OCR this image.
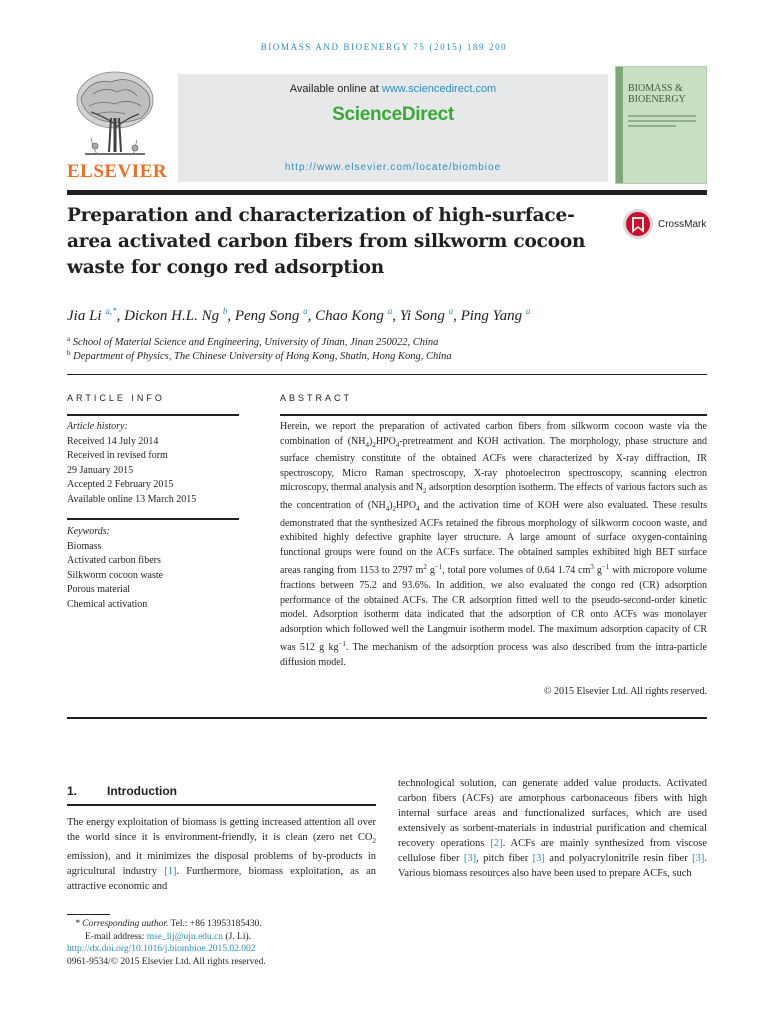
BIOMASS AND BIOENERGY 75 (2015) 189 200
ELSEVIER
Available online at www.sciencedirect.com
ScienceDirect
http://www.elsevier.com/locate/biombioe
BIOMASS &
BIOENERGY
Preparation and characterization of high-surface-area activated carbon fibers from silkworm cocoon waste for congo red adsorption
CrossMark
Jia Li $^{a,*}$, Dickon H.L. Ng $^b$, Peng Song $^a$, Chao Kong $^a$, Yi Song $^a$, Ping Yang $^a$
$^a$ School of Material Science and Engineering, University of Jinan, Jinan 250022, China
$^b$ Department of Physics, The Chinese University of Hong Kong, Shatin, Hong Kong, China
ARTICLE INFO	ABSTRACT
Article history:
Received 14 July 2014
Received in revised form
29 January 2015
Accepted 2 February 2015
Available online 13 March 2015
Keywords:
Biomass
Activated carbon fibers
Silkworm cocoon waste
Porous material
Chemical activation
Herein, we report the preparation of activated carbon fibers from silkworm cocoon waste via the combination of $(NH_4)_2HPO_4$-pretreatment and KOH activation. The morphology, phase structure and surface chemistry constitute of the obtained ACFs were characterized by X-ray diffraction, IR spectroscopy, Micro Raman spectroscopy, X-ray photoelectron spectroscopy, scanning electron microscopy, thermal analysis and $N_2$ adsorption desorption isotherm. The effects of various factors such as the concentration of $(NH_4)_2HPO_4$ and the activation time of KOH were also evaluated. These results demonstrated that the synthesized ACFs retained the fibrous morphology of silkworm cocoon waste, and exhibited highly defective graphite layer structure. A large amount of surface oxygen-containing functional groups were found on the ACFs surface. The obtained samples exhibited high BET surface areas ranging from 1153 to 2797 $m^2$ $g^{-1}$, total pore volumes of 0.64 1.74 $cm^3$ $g^{-1}$ with micropore volume fractions between 75.2 and 93.6%. In addition, we also evaluated the congo red (CR) adsorption performance of the obtained ACFs. The CR adsorption fitted well to the pseudo-second-order kinetic model. Adsorption isotherm data indicated that the adsorption of CR onto ACFs was monolayer adsorption which followed well the Langmuir isotherm model. The maximum adsorption capacity of CR was 512 g $kg^{-1}$. The mechanism of the adsorption process was also described from the intra-particle diffusion model.
© 2015 Elsevier Ltd. All rights reserved.
1. Introduction
The energy exploitation of biomass is getting increased attention all over the world since it is environment-friendly, it is clean (zero net $CO_2$ emission), and it minimizes the disposal problems of by-products in agricultural industry [1]. Furthermore, biomass exploitation, as an attractive economic and
technological solution, can generate added value products. Activated carbon fibers (ACFs) are amorphous carbonaceous fibers with high internal surface areas and functionalized surfaces, which are used extensively as sorbent-materials in industrial purification and chemical recovery operations [2]. ACFs are mainly synthesized from viscose cellulose fiber [3], pitch fiber [3] and polyacrylonitrile resin fiber [3]. Various biomass resources also have been used to prepare ACFs, such
* Corresponding author. Tel.: +86 13953185430.
E-mail address: mse_lij@ujn.edu.cn (J. Li).
http://dx.doi.org/10.1016/j.biombioe.2015.02.002
0961-9534/© 2015 Elsevier Ltd. All rights reserved.
